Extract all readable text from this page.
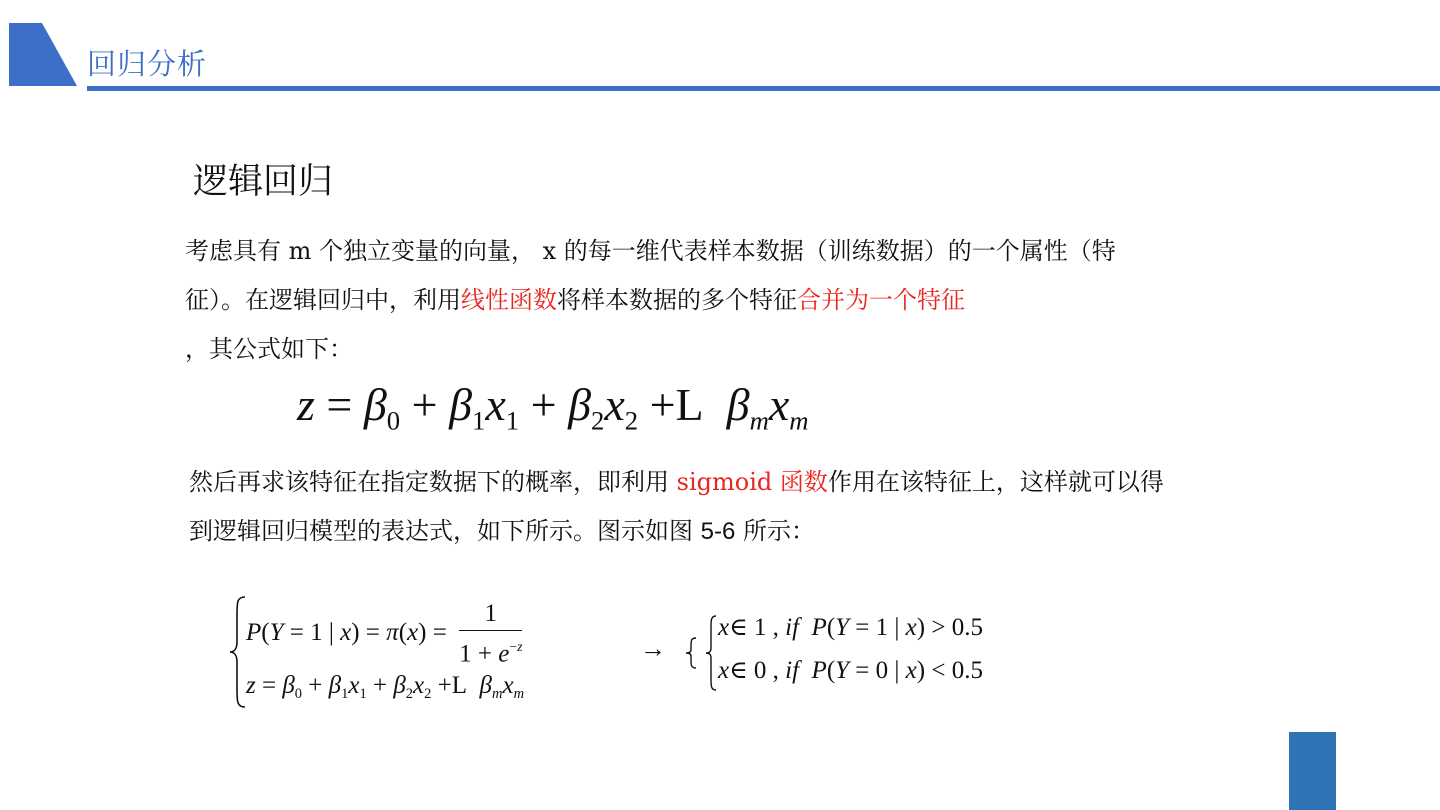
回归分析
逻辑回归
考虑具有 m 个独立变量的向量， x 的每一维代表样本数据（训练数据）的一个属性（特征）。在逻辑回归中，利用线性函数将样本数据的多个特征合并为一个特征
，其公式如下：
$z = \beta_0 + \beta_1x_1 + \beta_2x_2 +L$  $\beta_mx_m$
然后再求该特征在指定数据下的概率，即利用 sigmoid 函数作用在该特征上，这样就可以得到逻辑回归模型的表达式，如下所示。图示如图 5-6 所示：
P(Y = 1 | $x) = \pi(x) = \frac{1}{1 + e^{-z}}$
$z = \beta_0 + \beta_1x_1 + \beta_2x_2 +L$  $\beta_mx_m$
→
x∈ 1 , if P(Y = 1 | x) > 0.5
x∈ 0 , if P(Y = 0 | x) < 0.5
